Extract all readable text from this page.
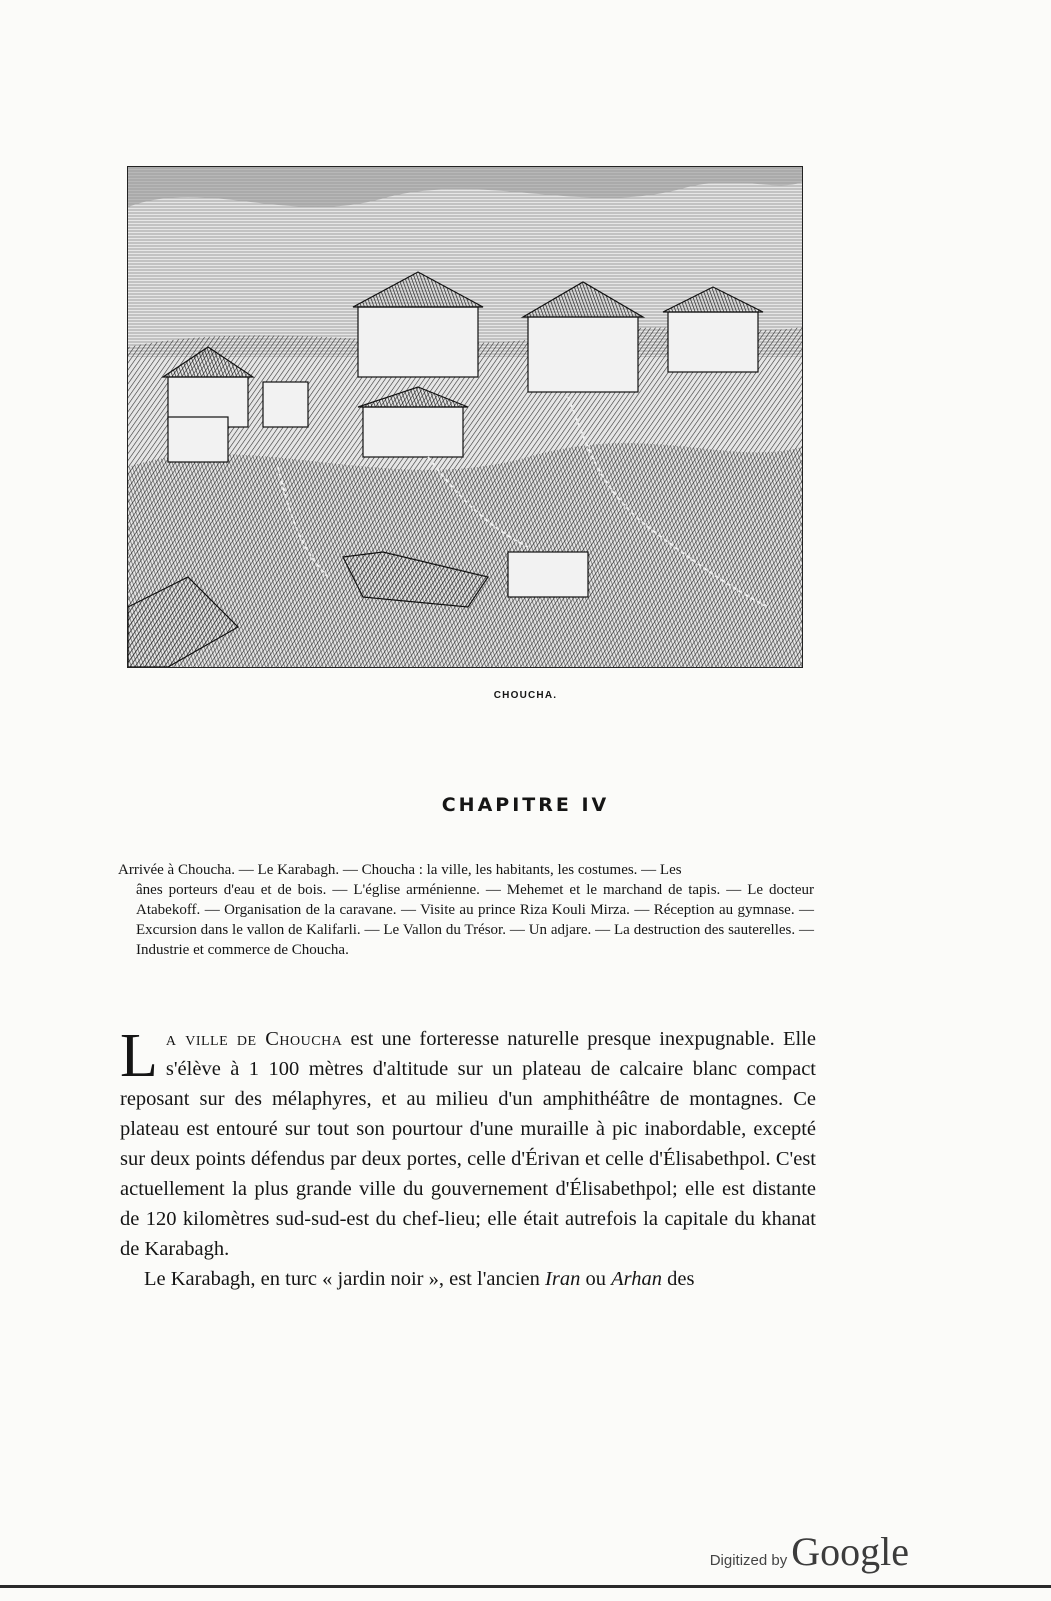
CHOUCHA.
CHAPITRE IV
Arrivée à Choucha. — Le Karabagh. — Choucha : la ville, les habitants, les costumes. — Les
ânes porteurs d'eau et de bois. — L'église arménienne. — Mehemet et le marchand de tapis. — Le docteur Atabekoff. — Organisation de la caravane. — Visite au prince Riza Kouli Mirza. — Réception au gymnase. — Excursion dans le vallon de Kalifarli. — Le Vallon du Trésor. — Un adjare. — La destruction des sauterelles. — Industrie et commerce de Choucha.

La ville de Choucha est une forteresse naturelle presque inexpugnable. Elle s'élève à 1 100 mètres d'altitude sur un plateau de calcaire blanc compact reposant sur des mélaphyres, et au milieu d'un amphithéâtre de montagnes. Ce plateau est entouré sur tout son pourtour d'une muraille à pic inabordable, excepté sur deux points défendus par deux portes, celle d'Érivan et celle d'Élisabethpol. C'est actuellement la plus grande ville du gouvernement d'Élisabethpol; elle est distante de 120 kilomètres sud-sud-est du chef-lieu; elle était autrefois la capitale du khanat de Karabagh.

Le Karabagh, en turc « jardin noir », est l'ancien Iran ou Arhan des

Digitized by Google
